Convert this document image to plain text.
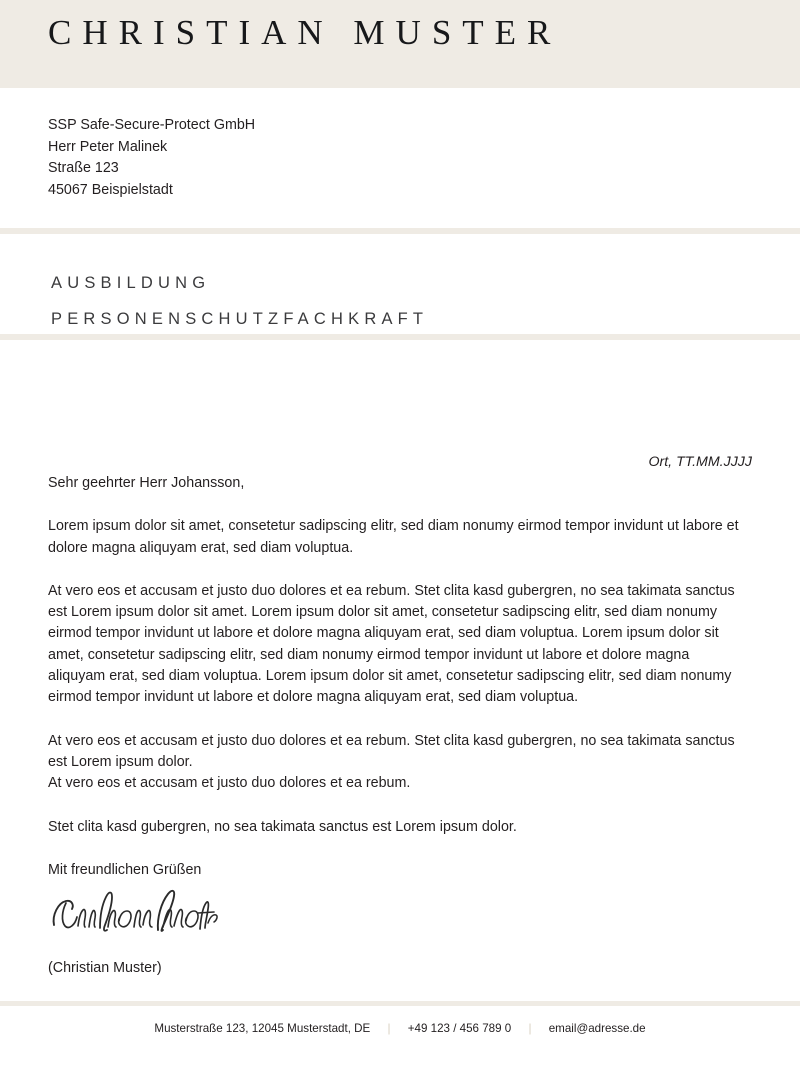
CHRISTIAN MUSTER
SSP Safe-Secure-Protect GmbH
Herr Peter Malinek
Straße 123
45067 Beispielstadt
AUSBILDUNG
PERSONENSCHUTZFACHKRAFT
Ort, TT.MM.JJJJ

Sehr geehrter Herr Johansson,

Lorem ipsum dolor sit amet, consetetur sadipscing elitr, sed diam nonumy eirmod tempor invidunt ut labore et dolore magna aliquyam erat, sed diam voluptua.

At vero eos et accusam et justo duo dolores et ea rebum. Stet clita kasd gubergren, no sea takimata sanctus est Lorem ipsum dolor sit amet. Lorem ipsum dolor sit amet, consetetur sadipscing elitr, sed diam nonumy eirmod tempor invidunt ut labore et dolore magna aliquyam erat, sed diam voluptua. Lorem ipsum dolor sit amet, consetetur sadipscing elitr, sed diam nonumy eirmod tempor invidunt ut labore et dolore magna aliquyam erat, sed diam voluptua. Lorem ipsum dolor sit amet, consetetur sadipscing elitr, sed diam nonumy eirmod tempor invidunt ut labore et dolore magna aliquyam erat, sed diam voluptua.

At vero eos et accusam et justo duo dolores et ea rebum. Stet clita kasd gubergren, no sea takimata sanctus est Lorem ipsum dolor.
At vero eos et accusam et justo duo dolores et ea rebum.

Stet clita kasd gubergren, no sea takimata sanctus est Lorem ipsum dolor.

Mit freundlichen Grüßen

(Christian Muster)
Musterstraße 123, 12045 Musterstadt, DE | +49 123 / 456 789 0 | email@adresse.de
